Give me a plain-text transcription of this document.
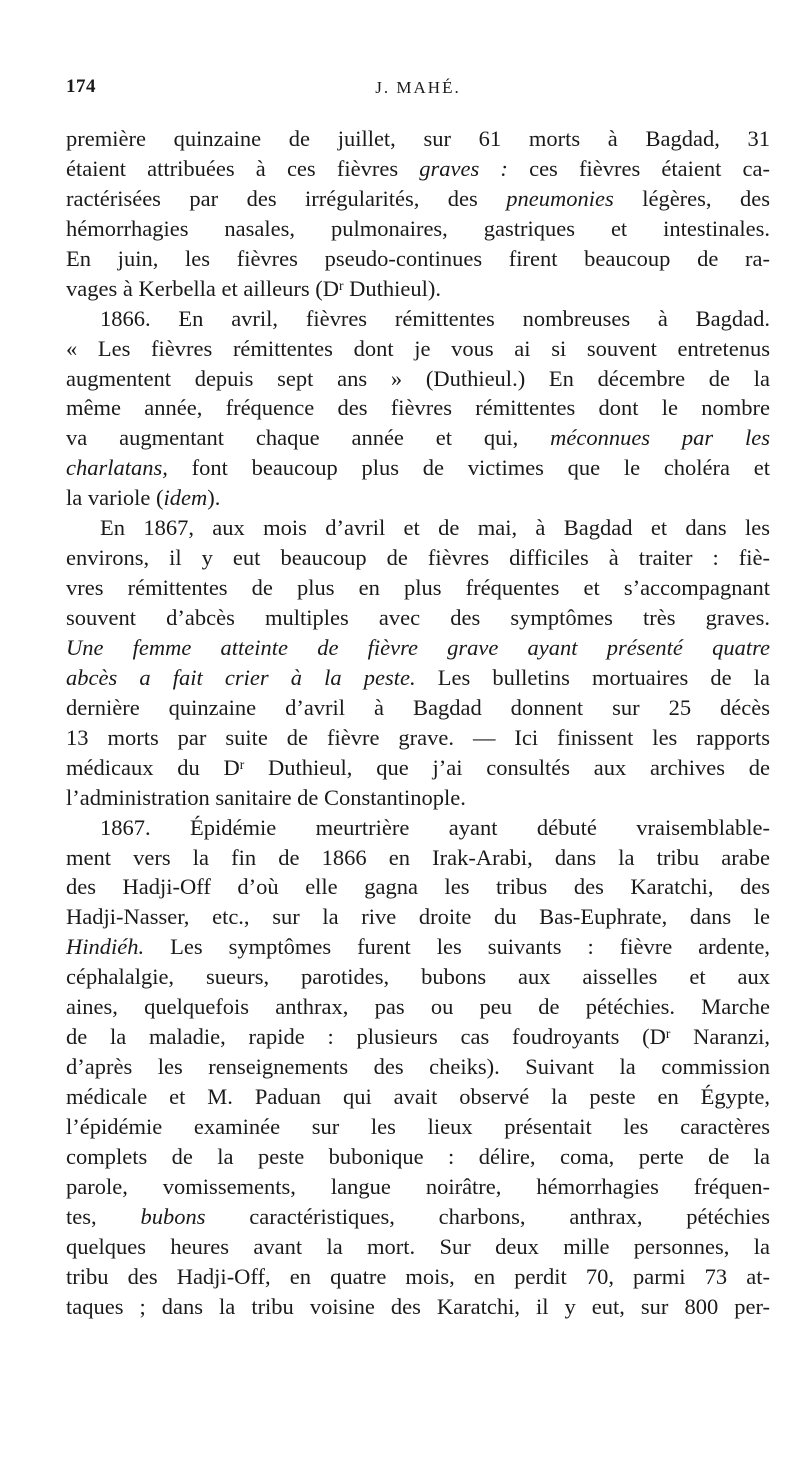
174	J. MAHÉ.
première quinzaine de juillet, sur 61 morts à Bagdad, 31
étaient attribuées à ces fièvres graves : ces fièvres étaient ca-
ractérisées par des irrégularités, des pneumonies légères, des
hémorrhagies nasales, pulmonaires, gastriques et intestinales.
En juin, les fièvres pseudo-continues firent beaucoup de ra-
vages à Kerbella et ailleurs ($D^r$ Duthieul).
1866. En avril, fièvres rémittentes nombreuses à Bagdad.
« Les fièvres rémittentes dont je vous ai si souvent entretenus
augmentent depuis sept ans » (Duthieul.) En décembre de la
même année, fréquence des fièvres rémittentes dont le nombre
va augmentant chaque année et qui, méconnues par les
charlatans, font beaucoup plus de victimes que le choléra et
la variole (idem).
En 1867, aux mois d’avril et de mai, à Bagdad et dans les
environs, il y eut beaucoup de fièvres difficiles à traiter : fiè-
vres rémittentes de plus en plus fréquentes et s’accompagnant
souvent d’abcès multiples avec des symptômes très graves.
Une femme atteinte de fièvre grave ayant présenté quatre
abcès a fait crier à la peste. Les bulletins mortuaires de la
dernière quinzaine d’avril à Bagdad donnent sur 25 décès
13 morts par suite de fièvre grave. — Ici finissent les rapports
médicaux du $D^r$ Duthieul, que j’ai consultés aux archives de
l’administration sanitaire de Constantinople.
1867. Épidémie meurtrière ayant débuté vraisemblable-
ment vers la fin de 1866 en Irak-Arabi, dans la tribu arabe
des Hadji-Off d’où elle gagna les tribus des Karatchi, des
Hadji-Nasser, etc., sur la rive droite du Bas-Euphrate, dans le
Hindiéh. Les symptômes furent les suivants : fièvre ardente,
céphalalgie, sueurs, parotides, bubons aux aisselles et aux
aines, quelquefois anthrax, pas ou peu de pétéchies. Marche
de la maladie, rapide : plusieurs cas foudroyants ($D^r$ Naranzi,
d’après les renseignements des cheiks). Suivant la commission
médicale et M. Paduan qui avait observé la peste en Égypte,
l’épidémie examinée sur les lieux présentait les caractères
complets de la peste bubonique : délire, coma, perte de la
parole, vomissements, langue noirâtre, hémorrhagies fréquen-
tes, bubons caractéristiques, charbons, anthrax, pétéchies
quelques heures avant la mort. Sur deux mille personnes, la
tribu des Hadji-Off, en quatre mois, en perdit 70, parmi 73 at-
taques ; dans la tribu voisine des Karatchi, il y eut, sur 800 per-
